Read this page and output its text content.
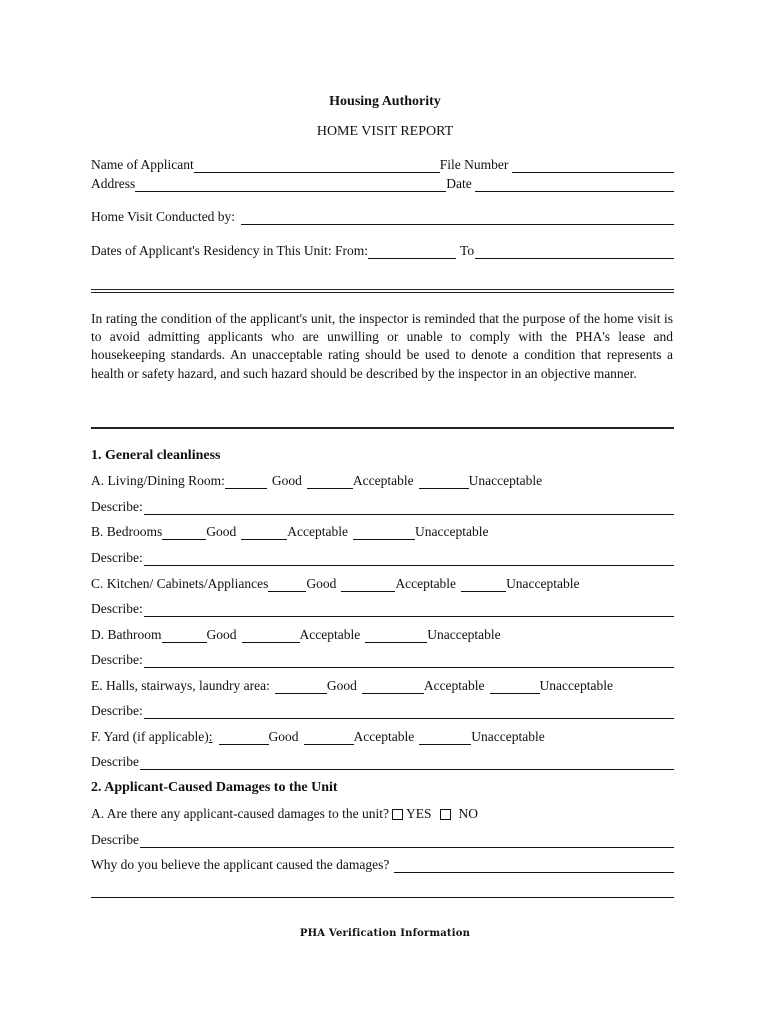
Housing Authority
HOME VISIT REPORT
Name of Applicant	File Number
Address	Date
Home Visit Conducted by:
Dates of Applicant's Residency in This Unit: From:	To
In rating the condition of the applicant's unit, the inspector is reminded that the purpose of the home visit is to avoid admitting applicants who are unwilling or unable to comply with the PHA's lease and housekeeping standards. An unacceptable rating should be used to denote a condition that represents a health or safety hazard, and such hazard should be described by the inspector in an objective manner.
1. General cleanliness
A. Living/Dining Room:	Good	Acceptable	Unacceptable
Describe:
B. Bedrooms	Good	Acceptable	Unacceptable
Describe:
C. Kitchen/ Cabinets/Appliances	Good	Acceptable	Unacceptable
Describe:
D. Bathroom	Good	Acceptable	Unacceptable
Describe:
E. Halls, stairways, laundry area:	Good	Acceptable	Unacceptable
Describe:
F. Yard (if applicable) :	Good	Acceptable	Unacceptable
Describe
2. Applicant-Caused Damages to the Unit
A. Are there any applicant-caused damages to the unit? YES NO
Describe
Why do you believe the applicant caused the damages?
PHA Verification Information
